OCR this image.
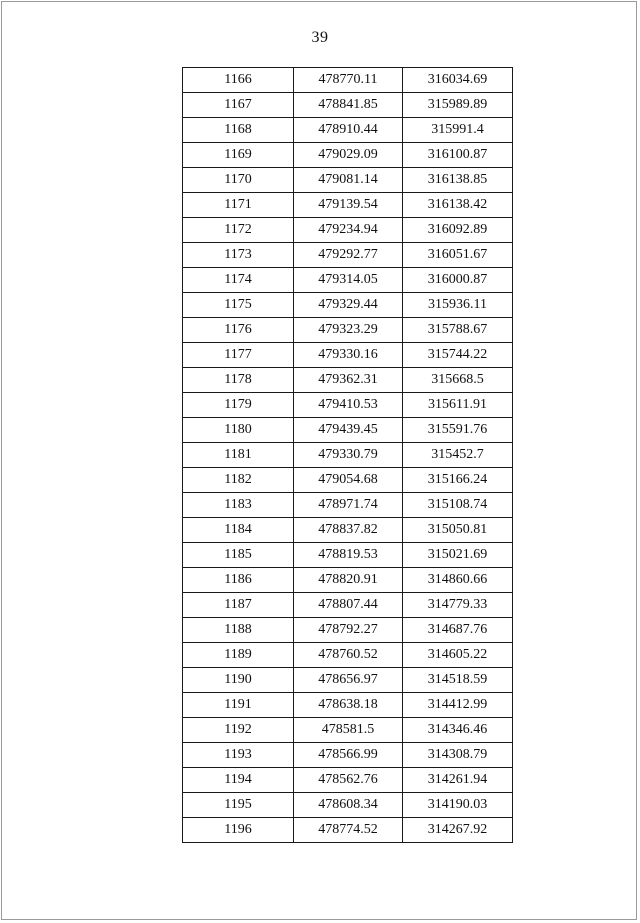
39
1166	478770.11	316034.69
1167	478841.85	315989.89
1168	478910.44	315991.4
1169	479029.09	316100.87
1170	479081.14	316138.85
1171	479139.54	316138.42
1172	479234.94	316092.89
1173	479292.77	316051.67
1174	479314.05	316000.87
1175	479329.44	315936.11
1176	479323.29	315788.67
1177	479330.16	315744.22
1178	479362.31	315668.5
1179	479410.53	315611.91
1180	479439.45	315591.76
1181	479330.79	315452.7
1182	479054.68	315166.24
1183	478971.74	315108.74
1184	478837.82	315050.81
1185	478819.53	315021.69
1186	478820.91	314860.66
1187	478807.44	314779.33
1188	478792.27	314687.76
1189	478760.52	314605.22
1190	478656.97	314518.59
1191	478638.18	314412.99
1192	478581.5	314346.46
1193	478566.99	314308.79
1194	478562.76	314261.94
1195	478608.34	314190.03
1196	478774.52	314267.92
